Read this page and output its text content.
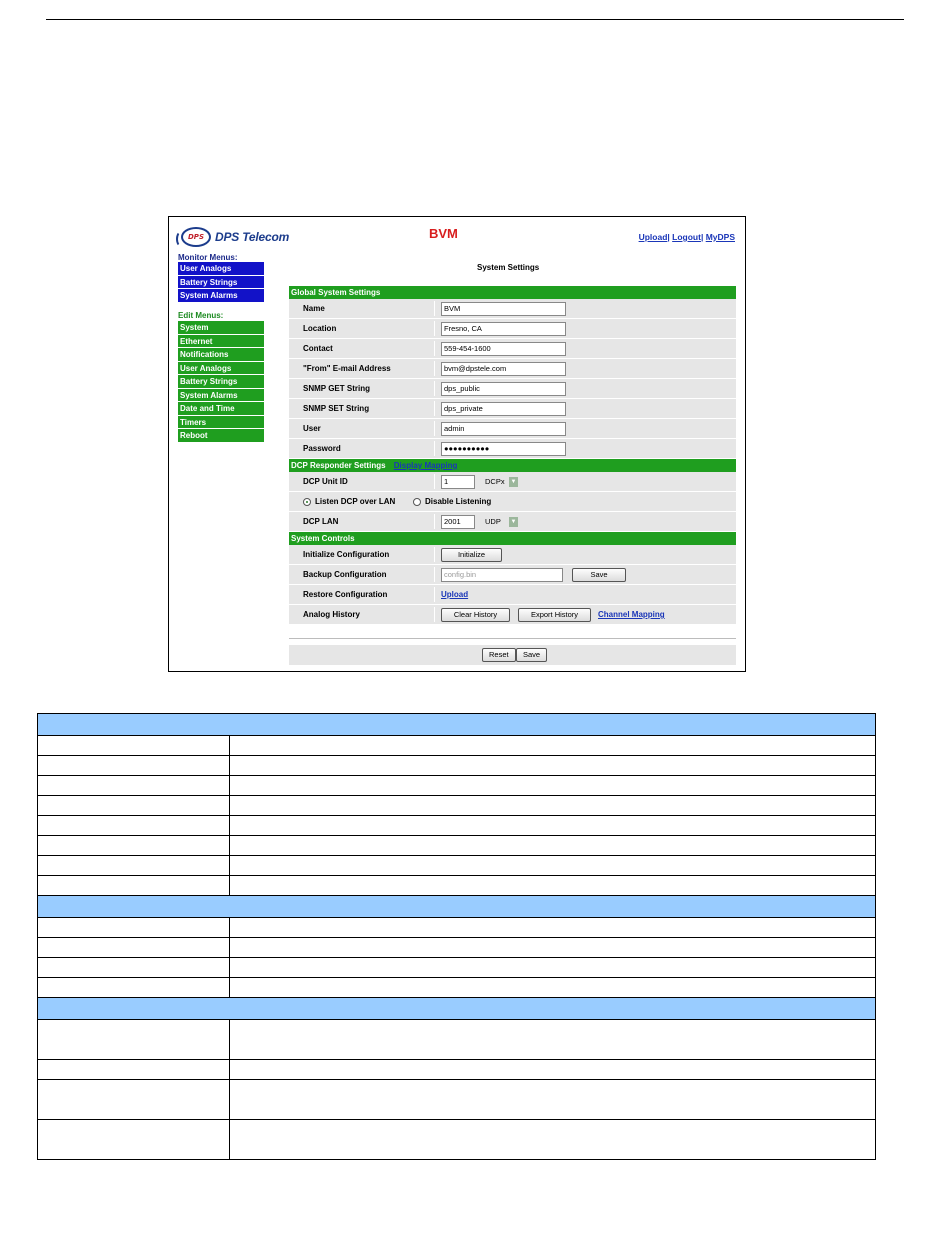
DPS DPS Telecom	BVM	Upload| Logout| MyDPS
Monitor Menus:
User Analogs
Battery Strings
System Alarms
Edit Menus:
System
Ethernet
Notifications
User Analogs
Battery Strings
System Alarms
Date and Time
Timers
Reboot
System Settings
Global System Settings
Name	BVM
Location	Fresno, CA
Contact	559-454-1600
"From" E-mail Address	bvm@dpstele.com
SNMP GET String	dps_public
SNMP SET String	dps_private
User	admin
Password	●●●●●●●●●●
DCP Responder Settings Display Mapping
DCP Unit ID	1	DCPx ▼
Listen DCP over LAN	Disable Listening
DCP LAN	2001	UDP	▼
System Controls
Initialize Configuration	Initialize
Backup Configuration	config.bin	Save
Restore Configuration	Upload
Analog History	Clear History	Export History	Channel Mapping
Reset	Save
